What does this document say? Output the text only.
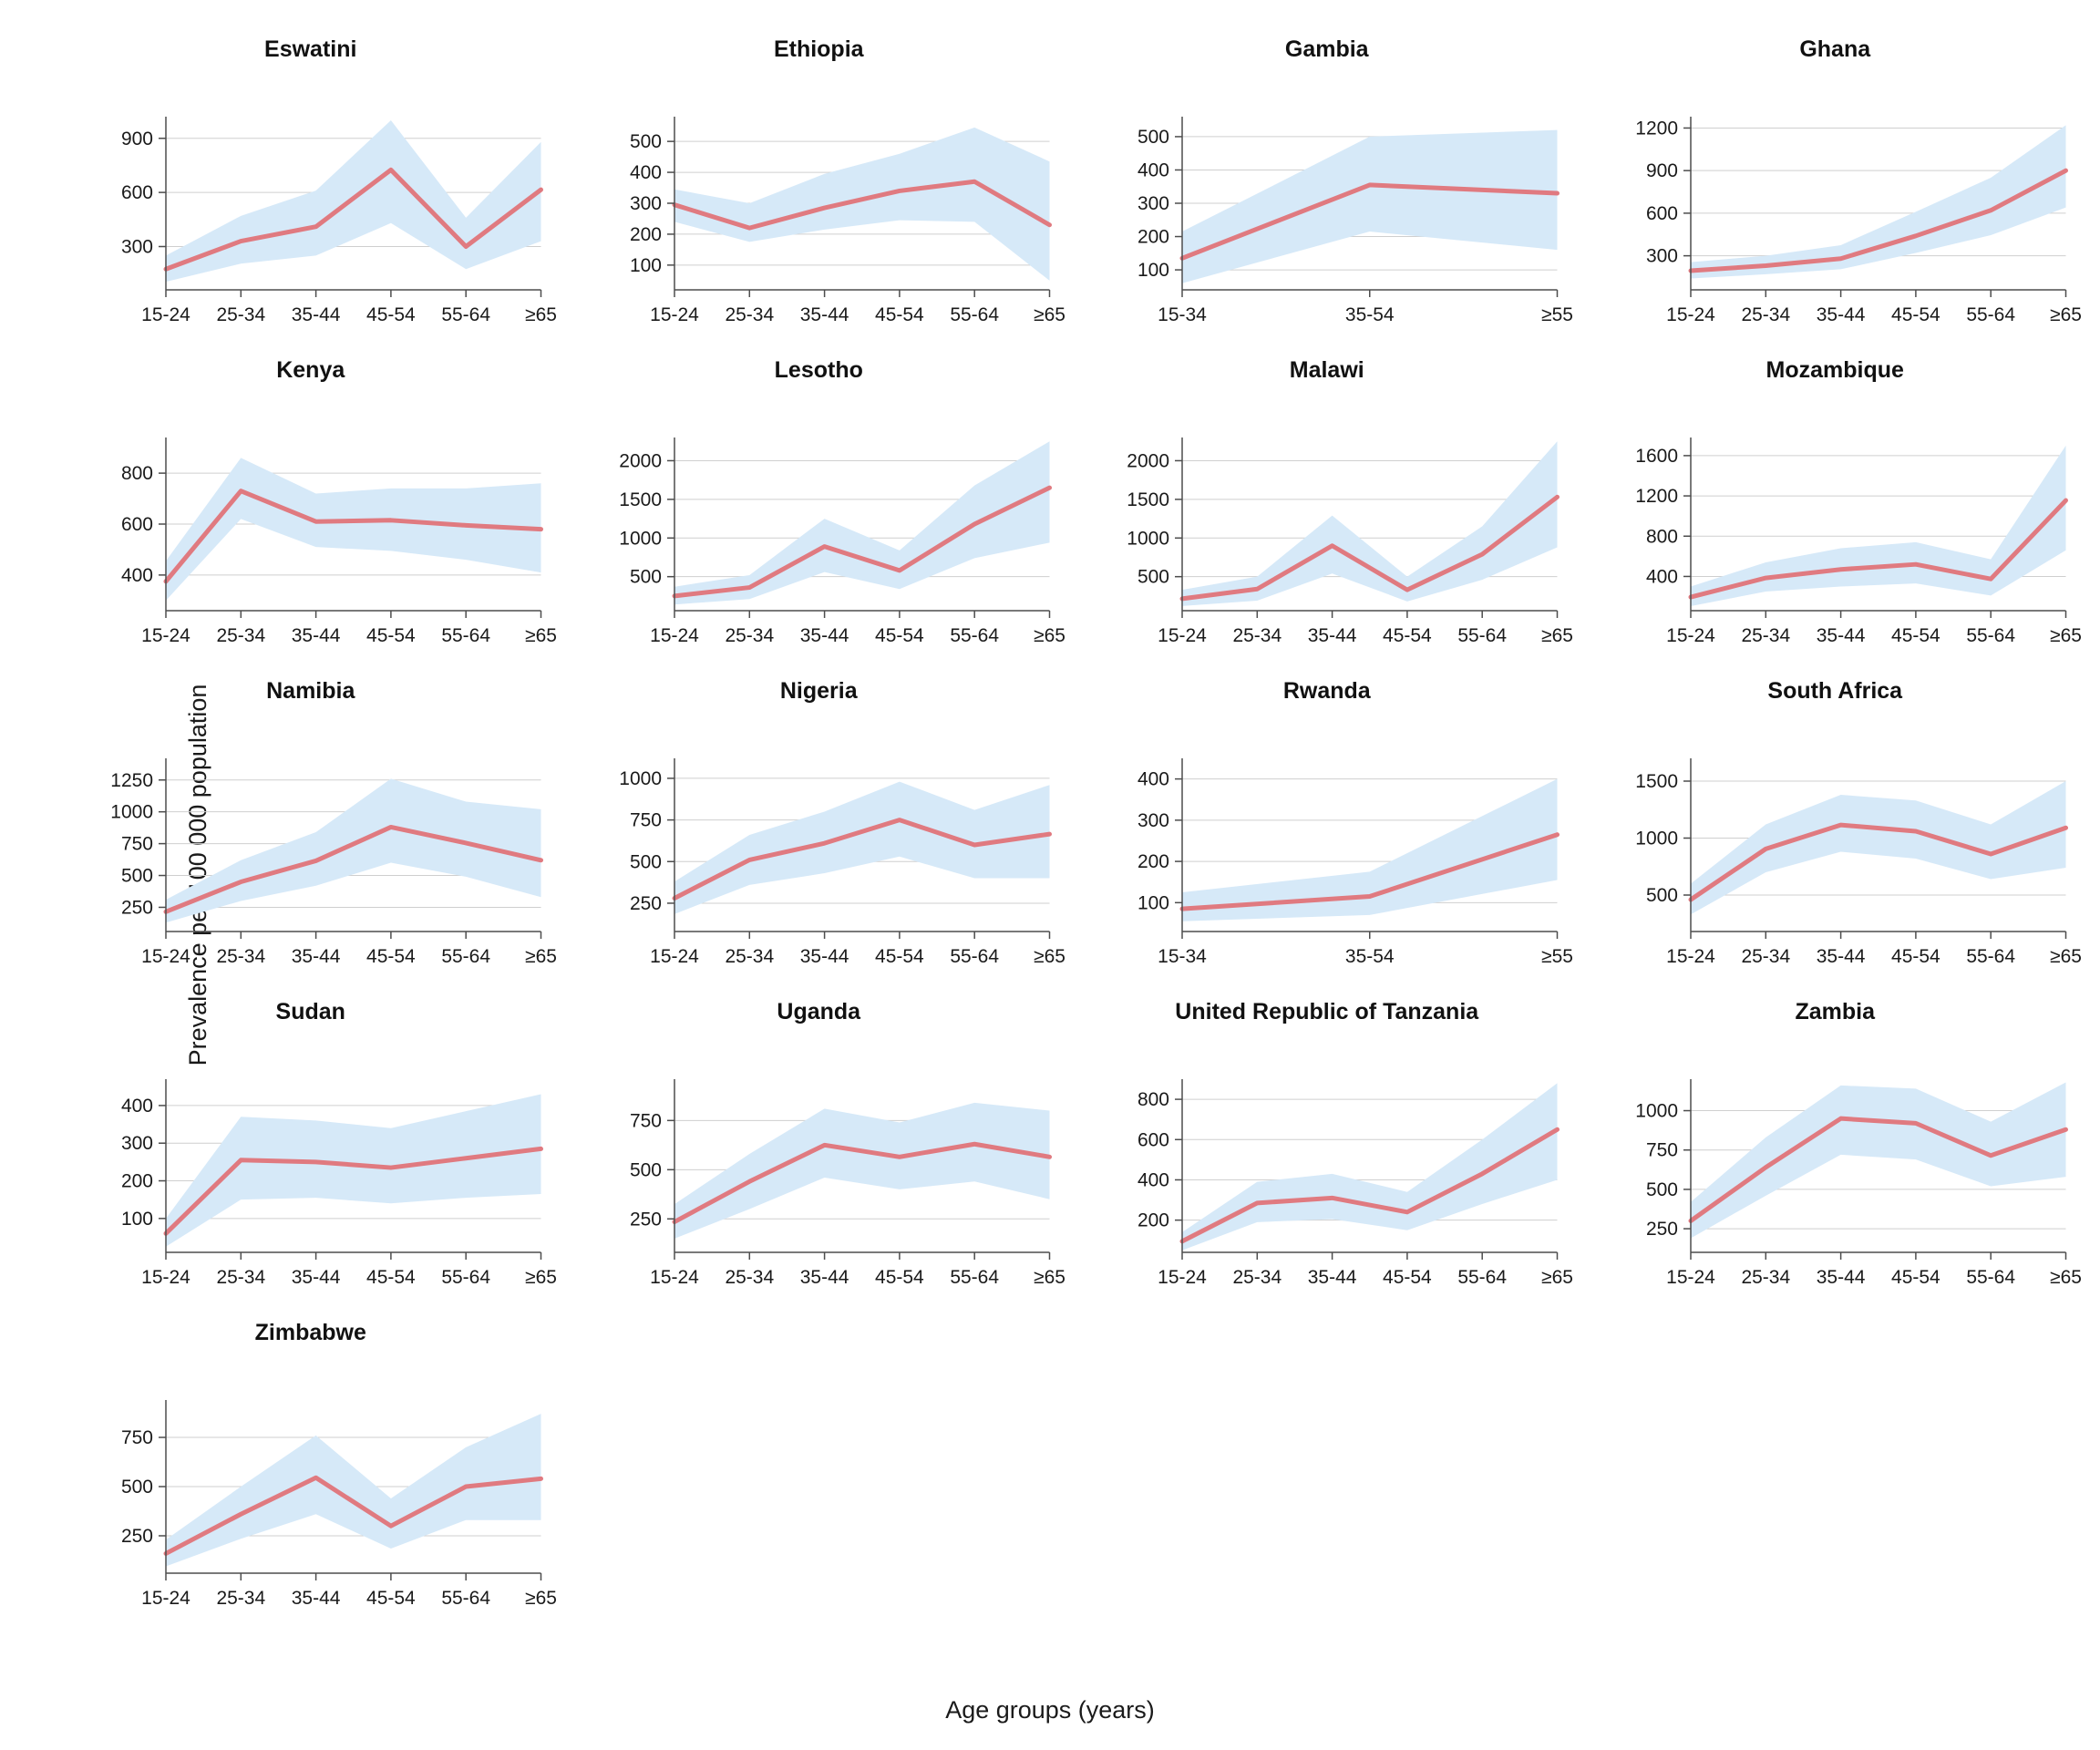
Prevalence per 100 000 population
Age groups (years)
Eswatini
300
600
900
15-24 25-34 35-44 45-54 55-64 ≥65
Ethiopia
100
200
300
400
500
15-24 25-34 35-44 45-54 55-64 ≥65
Gambia
100
200
300
400
500
15-34	35-54	≥55
Ghana
300
600
900
1200
15-24 25-34 35-44 45-54 55-64 ≥65
Kenya
400
600
800
15-24 25-34 35-44 45-54 55-64 ≥65
Lesotho
500
1000
1500
2000
15-24 25-34 35-44 45-54 55-64 ≥65
Malawi
500
1000
1500
2000
15-24 25-34 35-44 45-54 55-64 ≥65
Mozambique
400
800
1200
1600
15-24 25-34 35-44 45-54 55-64 ≥65
Namibia
250
500
750
1000
1250
15-24 25-34 35-44 45-54 55-64 ≥65
Nigeria
250
500
750
1000
15-24 25-34 35-44 45-54 55-64 ≥65
Rwanda
100
200
300
400
15-34	35-54	≥55
South Africa
500
1000
1500
15-24 25-34 35-44 45-54 55-64 ≥65
Sudan
100
200
300
400
15-24 25-34 35-44 45-54 55-64 ≥65
Uganda
250
500
750
15-24 25-34 35-44 45-54 55-64 ≥65
United Republic of Tanzania
200
400
600
800
15-24 25-34 35-44 45-54 55-64 ≥65
Zambia
250
500
750
1000
15-24 25-34 35-44 45-54 55-64 ≥65
Zimbabwe
250
500
750
15-24 25-34 35-44 45-54 55-64 ≥65
